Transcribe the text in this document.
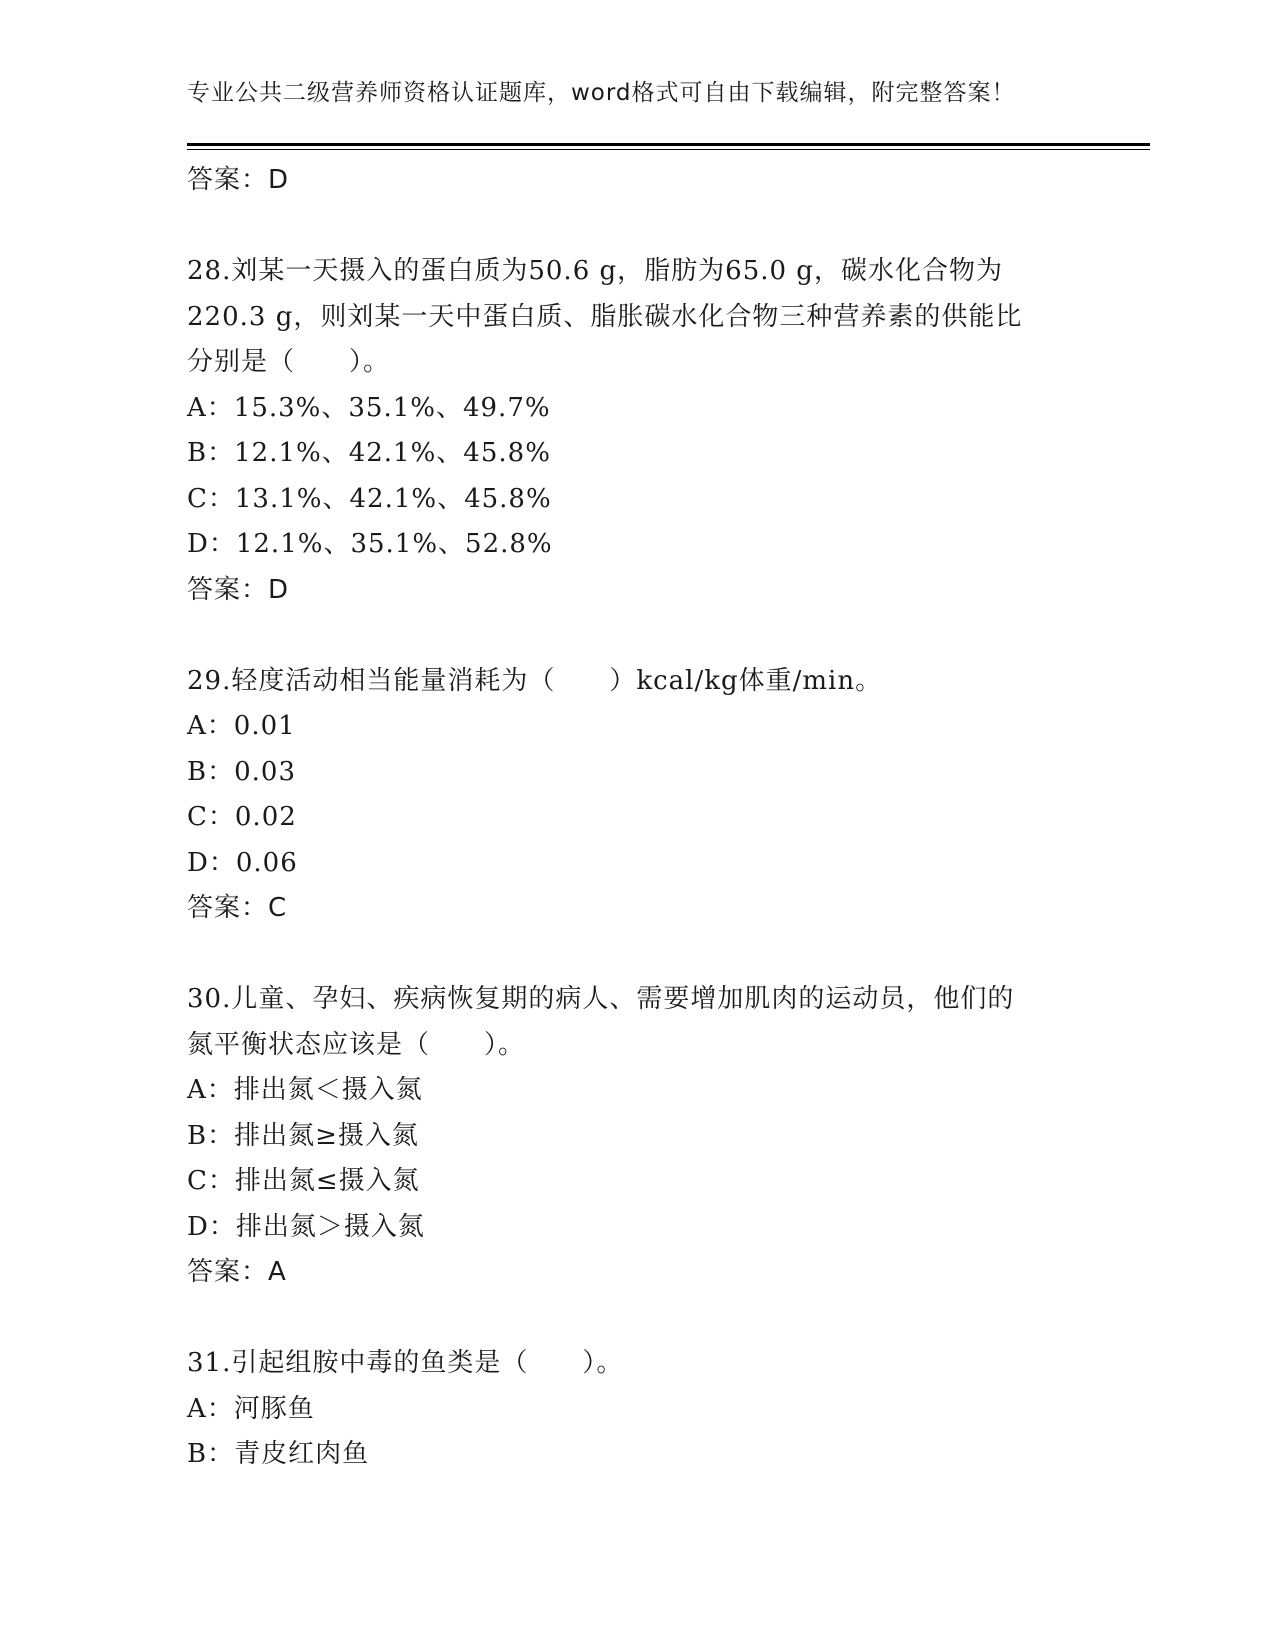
专业公共二级营养师资格认证题库，word格式可自由下载编辑，附完整答案！
答案：D
28.刘某一天摄入的蛋白质为50.6 g，脂肪为65.0 g，碳水化合物为
220.3 g，则刘某一天中蛋白质、脂胀碳水化合物三种营养素的供能比
分别是（　　）。
A：15.3%、35.1%、49.7%
B：12.1%、42.1%、45.8%
C：13.1%、42.1%、45.8%
D：12.1%、35.1%、52.8%
答案：D
29.轻度活动相当能量消耗为（　　）kcal/kg体重/min。
A：0.01
B：0.03
C：0.02
D：0.06
答案：C
30.儿童、孕妇、疾病恢复期的病人、需要增加肌肉的运动员，他们的
氮平衡状态应该是（　　）。
A：排出氮＜摄入氮
B：排出氮≥摄入氮
C：排出氮≤摄入氮
D：排出氮＞摄入氮
答案：A
31.引起组胺中毒的鱼类是（　　）。
A：河豚鱼
B：青皮红肉鱼
